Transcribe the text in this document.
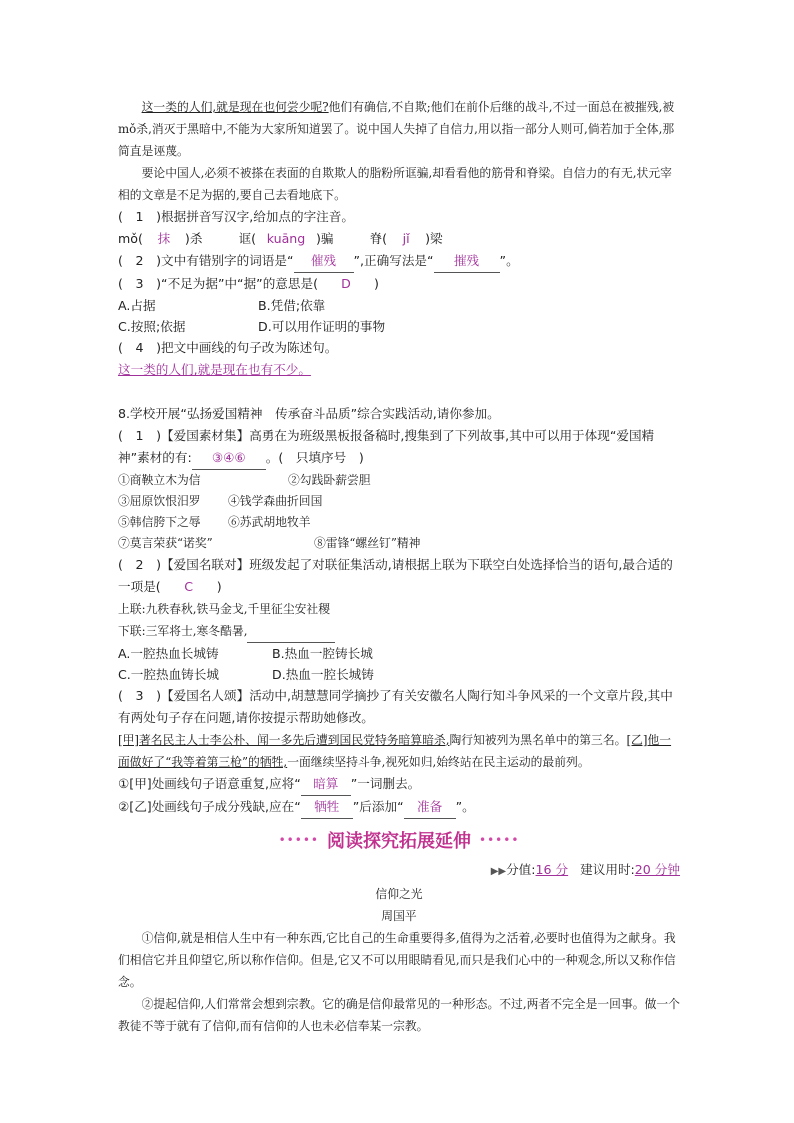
这一类的人们,就是现在也何尝少呢?他们有确信,不自欺;他们在前仆后继的战斗,不过一面总在被摧残,被mǒ杀,消灭于黑暗中,不能为大家所知道罢了。说中国人失掉了自信力,用以指一部分人则可,倘若加于全体,那简直是诬蔑。

要论中国人,必须不被搽在表面的自欺欺人的脂粉所诓骗,却看看他的筋骨和脊梁。自信力的有无,状元宰相的文章是不足为据的,要自己去看地底下。

(　1　 )根据拼音写汉字,给加点的字注音。

mǒ( 抹 )杀	诓( kuāng )骗	脊( jǐ )梁

(　2　 )文中有错别字的词语是“ 催残 ”,正确写法是“ 摧残 ”。

(　3　 )“不足为据”中“据”的意思是( D )

A.占据	B.凭借;依靠
C.按照;依据	D.可以用作证明的事物

(　4　 )把文中画线的句子改为陈述句。

这一类的人们,就是现在也有不少。

8.学校开展“弘扬爱国精神　传承奋斗品质”综合实践活动,请你参加。

(　1　 )【爱国素材集】高勇在为班级黑板报备稿时,搜集到了下列故事,其中可以用于体现“爱国精神”素材的有: ③④⑥ 。(　只填序号　)

①商鞅立木为信	②勾践卧薪尝胆
③屈原饮恨汨罗	④钱学森曲折回国
⑤韩信胯下之辱	⑥苏武胡地牧羊
⑦莫言荣获“诺奖”	⑧雷锋“螺丝钉”精神

(　2　 )【爱国名联对】班级发起了对联征集活动,请根据上联为下联空白处选择恰当的语句,最合适的一项是( C )

上联:九秩春秋,铁马金戈,千里征尘安社稷

下联:三军将士,寒冬酷暑,

A.一腔热血长城铸	B.热血一腔铸长城
C.一腔热血铸长城	D.热血一腔长城铸

(　3　 )【爱国名人颂】活动中,胡慧慧同学摘抄了有关安徽名人陶行知斗争风采的一个文章片段,其中有两处句子存在问题,请你按提示帮助她修改。

[甲]著名民主人士李公朴、闻一多先后遭到国民党特务暗算暗杀,陶行知被列为黑名单中的第三名。[乙]他一面做好了“我等着第三枪”的牺牲,一面继续坚持斗争,视死如归,始终站在民主运动的最前列。

①[甲]处画线句子语意重复,应将“ 暗算 ”一词删去。

②[乙]处画线句子成分残缺,应在“ 牺牲 ”后添加“ 准备 ”。

••••• 阅读探究拓展延伸 •••••
▶▶分值:16 分 建议用时:20 分钟
信仰之光
周国平

①信仰,就是相信人生中有一种东西,它比自己的生命重要得多,值得为之活着,必要时也值得为之献身。我们相信它并且仰望它,所以称作信仰。但是,它又不可以用眼睛看见,而只是我们心中的一种观念,所以又称作信念。

②提起信仰,人们常常会想到宗教。它的确是信仰最常见的一种形态。不过,两者不完全是一回事。做一个教徒不等于就有了信仰,而有信仰的人也未必信奉某一宗教。
